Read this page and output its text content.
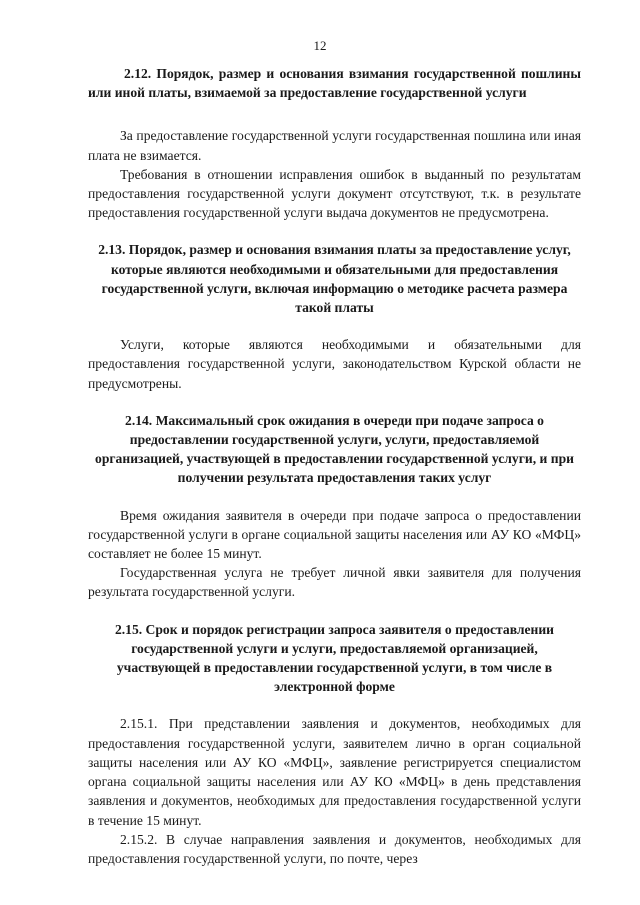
12

2.12. Порядок, размер и основания взимания государственной пошлины или иной платы, взимаемой за предоставление государственной услуги

За предоставление государственной услуги государственная пошлина или иная плата не взимается.

Требования в отношении исправления ошибок в выданный по результатам предоставления государственной услуги документ отсутствуют, т.к. в результате предоставления государственной услуги выдача документов не предусмотрена.

2.13. Порядок, размер и основания взимания платы за предоставление услуг, которые являются необходимыми и обязательными для предоставления государственной услуги, включая информацию о методике расчета размера такой платы

Услуги, которые являются необходимыми и обязательными для предоставления государственной услуги, законодательством Курской области не предусмотрены.

2.14. Максимальный срок ожидания в очереди при подаче запроса о предоставлении государственной услуги, услуги, предоставляемой организацией, участвующей в предоставлении государственной услуги, и при получении результата предоставления таких услуг

Время ожидания заявителя в очереди при подаче запроса о предоставлении государственной услуги в органе социальной защиты населения или АУ КО «МФЦ» составляет не более 15 минут.

Государственная услуга не требует личной явки заявителя для получения результата государственной услуги.

2.15. Срок и порядок регистрации запроса заявителя о предоставлении государственной услуги и услуги, предоставляемой организацией, участвующей в предоставлении государственной услуги, в том числе в электронной форме

2.15.1. При представлении заявления и документов, необходимых для предоставления государственной услуги, заявителем лично в орган социальной защиты населения или АУ КО «МФЦ», заявление регистрируется специалистом органа социальной защиты населения или АУ КО «МФЦ» в день представления заявления и документов, необходимых для предоставления государственной услуги в течение 15 минут.

2.15.2. В случае направления заявления и документов, необходимых для предоставления государственной услуги, по почте, через
